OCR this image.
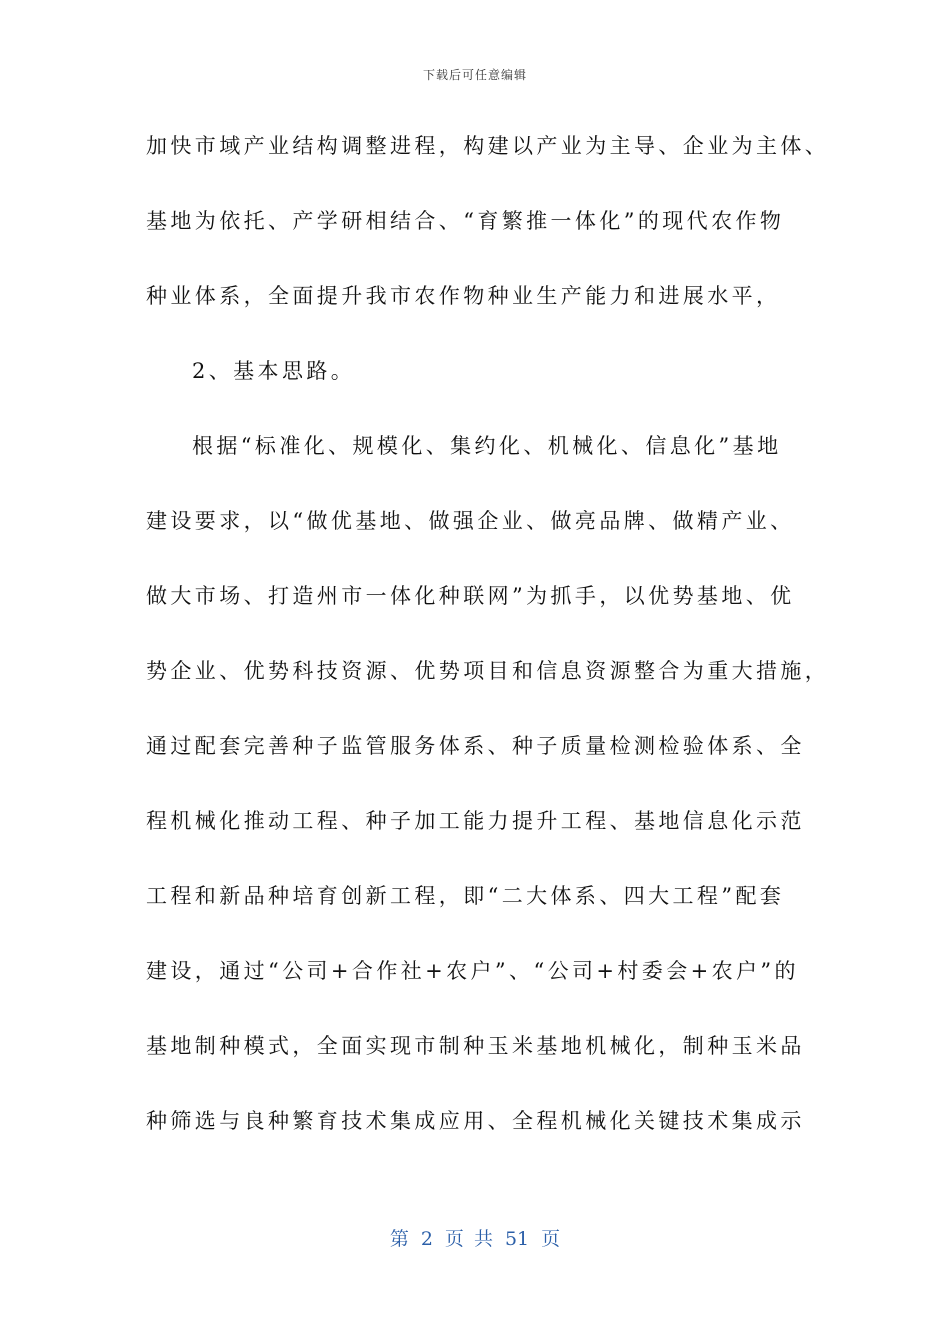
下载后可任意编辑
加快市域产业结构调整进程，构建以产业为主导、企业为主体、
基地为依托、产学研相结合、“育繁推一体化”的现代农作物
种业体系，全面提升我市农作物种业生产能力和进展水平，
2、基本思路。
根据“标准化、规模化、集约化、机械化、信息化”基地
建设要求，以“做优基地、做强企业、做亮品牌、做精产业、
做大市场、打造州市一体化种联网”为抓手，以优势基地、优
势企业、优势科技资源、优势项目和信息资源整合为重大措施，
通过配套完善种子监管服务体系、种子质量检测检验体系、全
程机械化推动工程、种子加工能力提升工程、基地信息化示范
工程和新品种培育创新工程，即“二大体系、四大工程”配套
建设，通过“公司+合作社+农户”、“公司+村委会+农户”的
基地制种模式，全面实现市制种玉米基地机械化，制种玉米品
种筛选与良种繁育技术集成应用、全程机械化关键技术集成示
第 2 页 共 51 页
